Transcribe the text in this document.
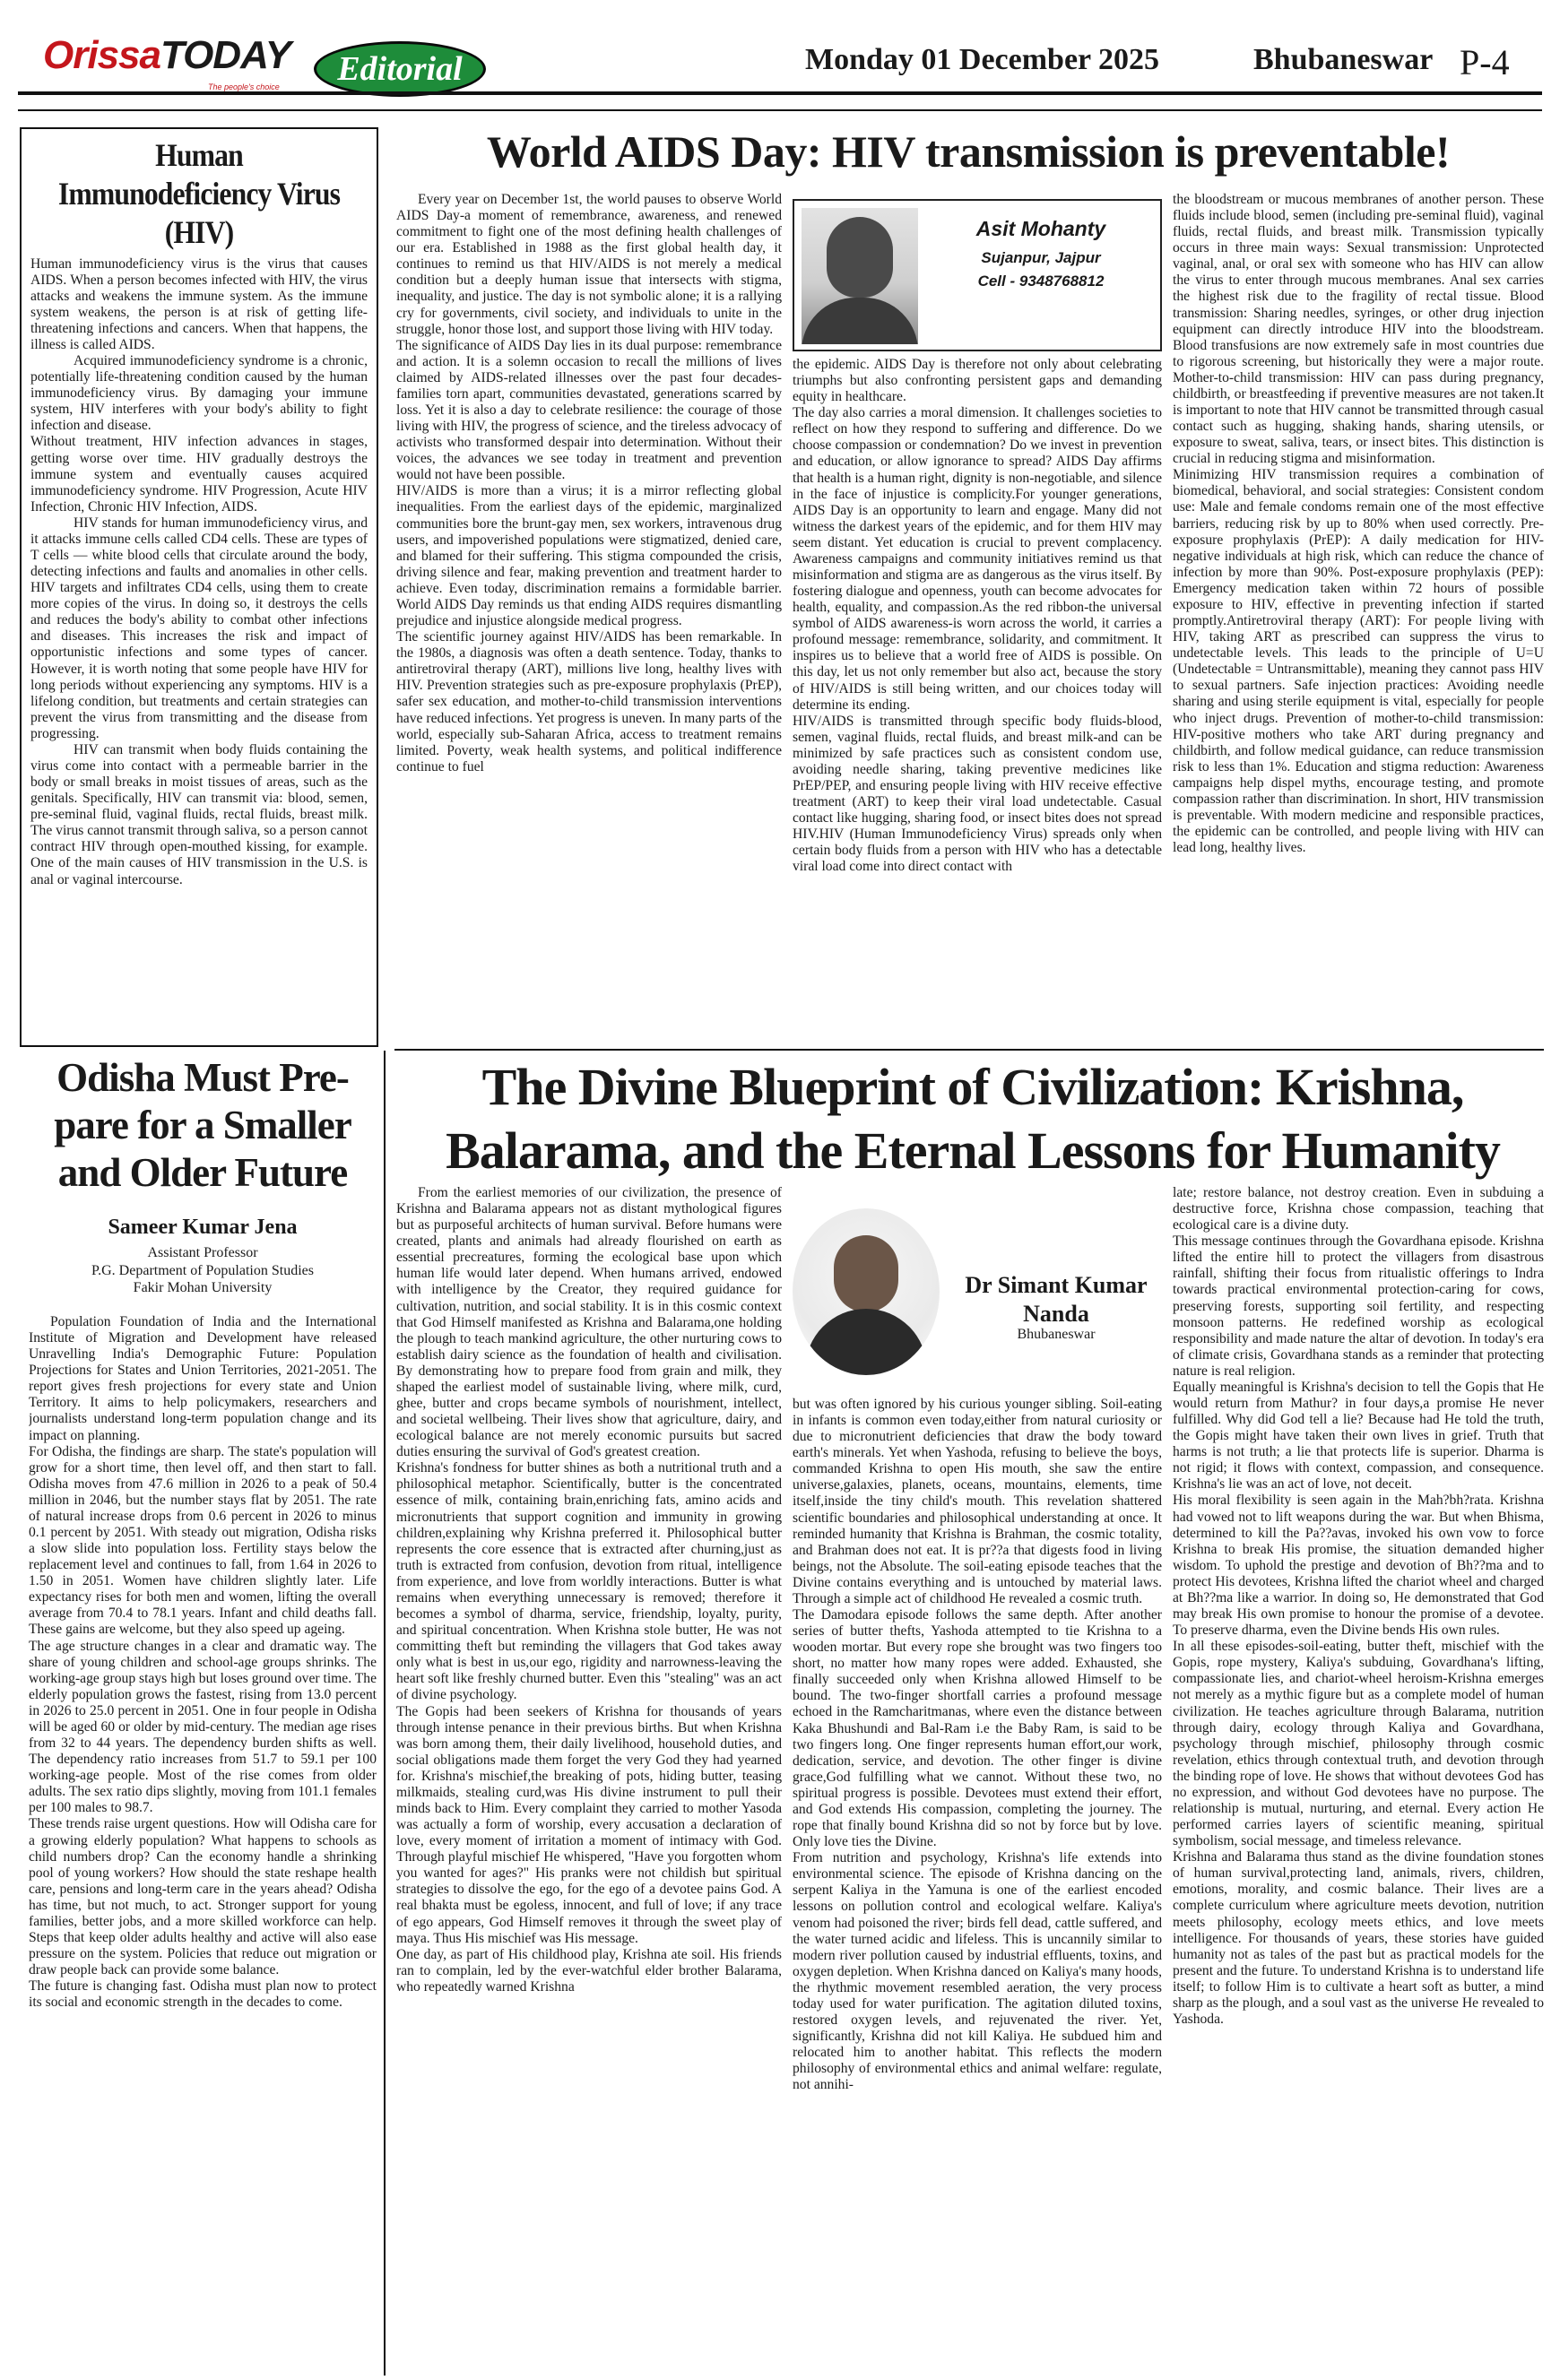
OrissaTODAY
The people's choice	Editorial	Monday 01 December 2025	Bhubaneswar P-4
Human Immunodeficiency Virus (HIV)

Human immunodeficiency virus is the virus that causes AIDS. When a person becomes infected with HIV, the virus attacks and weakens the immune system. As the immune system weakens, the person is at risk of getting life-threatening infections and cancers. When that happens, the illness is called AIDS.

Acquired immunodeficiency syndrome is a chronic, potentially life-threatening condition caused by the human immunodeficiency virus. By damaging your immune system, HIV interferes with your body's ability to fight infection and disease.

Without treatment, HIV infection advances in stages, getting worse over time. HIV gradually destroys the immune system and eventually causes acquired immunodeficiency syndrome. HIV Progression, Acute HIV Infection, Chronic HIV Infection, AIDS.

HIV stands for human immunodeficiency virus, and it attacks immune cells called CD4 cells. These are types of T cells — white blood cells that circulate around the body, detecting infections and faults and anomalies in other cells. HIV targets and infiltrates CD4 cells, using them to create more copies of the virus. In doing so, it destroys the cells and reduces the body's ability to combat other infections and diseases. This increases the risk and impact of opportunistic infections and some types of cancer. However, it is worth noting that some people have HIV for long periods without experiencing any symptoms. HIV is a lifelong condition, but treatments and certain strategies can prevent the virus from transmitting and the disease from progressing.

HIV can transmit when body fluids containing the virus come into contact with a permeable barrier in the body or small breaks in moist tissues of areas, such as the genitals. Specifically, HIV can transmit via: blood, semen, pre-seminal fluid, vaginal fluids, rectal fluids, breast milk. The virus cannot transmit through saliva, so a person cannot contract HIV through open-mouthed kissing, for example. One of the main causes of HIV transmission in the U.S. is anal or vaginal intercourse.

World AIDS Day: HIV transmission is preventable!

Every year on December 1st, the world pauses to observe World AIDS Day-a moment of remembrance, awareness, and renewed commitment to fight one of the most defining health challenges of our era. Established in 1988 as the first global health day, it continues to remind us that HIV/AIDS is not merely a medical condition but a deeply human issue that intersects with stigma, inequality, and justice. The day is not symbolic alone; it is a rallying cry for governments, civil society, and individuals to unite in the struggle, honor those lost, and support those living with HIV today.

The significance of AIDS Day lies in its dual purpose: remembrance and action. It is a solemn occasion to recall the millions of lives claimed by AIDS-related illnesses over the past four decades-families torn apart, communities devastated, generations scarred by loss. Yet it is also a day to celebrate resilience: the courage of those living with HIV, the progress of science, and the tireless advocacy of activists who transformed despair into determination. Without their voices, the advances we see today in treatment and prevention would not have been possible.

HIV/AIDS is more than a virus; it is a mirror reflecting global inequalities. From the earliest days of the epidemic, marginalized communities bore the brunt-gay men, sex workers, intravenous drug users, and impoverished populations were stigmatized, denied care, and blamed for their suffering. This stigma compounded the crisis, driving silence and fear, making prevention and treatment harder to achieve. Even today, discrimination remains a formidable barrier. World AIDS Day reminds us that ending AIDS requires dismantling prejudice and injustice alongside medical progress.

The scientific journey against HIV/AIDS has been remarkable. In the 1980s, a diagnosis was often a death sentence. Today, thanks to antiretroviral therapy (ART), millions live long, healthy lives with HIV. Prevention strategies such as pre-exposure prophylaxis (PrEP), safer sex education, and mother-to-child transmission interventions have reduced infections. Yet progress is uneven. In many parts of the world, especially sub-Saharan Africa, access to treatment remains limited. Poverty, weak health systems, and political indifference continue to fuel

Asit Mohanty
Sujanpur, Jajpur
Cell - 9348768812

the epidemic. AIDS Day is therefore not only about celebrating triumphs but also confronting persistent gaps and demanding equity in healthcare.

The day also carries a moral dimension. It challenges societies to reflect on how they respond to suffering and difference. Do we choose compassion or condemnation? Do we invest in prevention and education, or allow ignorance to spread? AIDS Day affirms that health is a human right, dignity is non-negotiable, and silence in the face of injustice is complicity.For younger generations, AIDS Day is an opportunity to learn and engage. Many did not witness the darkest years of the epidemic, and for them HIV may seem distant. Yet education is crucial to prevent complacency. Awareness campaigns and community initiatives remind us that misinformation and stigma are as dangerous as the virus itself. By fostering dialogue and openness, youth can become advocates for health, equality, and compassion.As the red ribbon-the universal symbol of AIDS awareness-is worn across the world, it carries a profound message: remembrance, solidarity, and commitment. It inspires us to believe that a world free of AIDS is possible. On this day, let us not only remember but also act, because the story of HIV/AIDS is still being written, and our choices today will determine its ending.

HIV/AIDS is transmitted through specific body fluids-blood, semen, vaginal fluids, rectal fluids, and breast milk-and can be minimized by safe practices such as consistent condom use, avoiding needle sharing, taking preventive medicines like PrEP/PEP, and ensuring people living with HIV receive effective treatment (ART) to keep their viral load undetectable. Casual contact like hugging, sharing food, or insect bites does not spread HIV.HIV (Human Immunodeficiency Virus) spreads only when certain body fluids from a person with HIV who has a detectable viral load come into direct contact with

the bloodstream or mucous membranes of another person. These fluids include blood, semen (including pre-seminal fluid), vaginal fluids, rectal fluids, and breast milk. Transmission typically occurs in three main ways: Sexual transmission: Unprotected vaginal, anal, or oral sex with someone who has HIV can allow the virus to enter through mucous membranes. Anal sex carries the highest risk due to the fragility of rectal tissue. Blood transmission: Sharing needles, syringes, or other drug injection equipment can directly introduce HIV into the bloodstream. Blood transfusions are now extremely safe in most countries due to rigorous screening, but historically they were a major route. Mother-to-child transmission: HIV can pass during pregnancy, childbirth, or breastfeeding if preventive measures are not taken.It is important to note that HIV cannot be transmitted through casual contact such as hugging, shaking hands, sharing utensils, or exposure to sweat, saliva, tears, or insect bites. This distinction is crucial in reducing stigma and misinformation.

Minimizing HIV transmission requires a combination of biomedical, behavioral, and social strategies: Consistent condom use: Male and female condoms remain one of the most effective barriers, reducing risk by up to 80% when used correctly. Pre-exposure prophylaxis (PrEP): A daily medication for HIV-negative individuals at high risk, which can reduce the chance of infection by more than 90%. Post-exposure prophylaxis (PEP): Emergency medication taken within 72 hours of possible exposure to HIV, effective in preventing infection if started promptly.Antiretroviral therapy (ART): For people living with HIV, taking ART as prescribed can suppress the virus to undetectable levels. This leads to the principle of U=U (Undetectable = Untransmittable), meaning they cannot pass HIV to sexual partners. Safe injection practices: Avoiding needle sharing and using sterile equipment is vital, especially for people who inject drugs. Prevention of mother-to-child transmission: HIV-positive mothers who take ART during pregnancy and childbirth, and follow medical guidance, can reduce transmission risk to less than 1%. Education and stigma reduction: Awareness campaigns help dispel myths, encourage testing, and promote compassion rather than discrimination. In short, HIV transmission is preventable. With modern medicine and responsible practices, the epidemic can be controlled, and people living with HIV can lead long, healthy lives.

Odisha Must Pre-
pare for a Smaller
and Older Future
Sameer Kumar Jena
Assistant Professor
P.G. Department of Population Studies
Fakir Mohan University

Population Foundation of India and the International Institute of Migration and Development have released Unravelling India's Demographic Future: Population Projections for States and Union Territories, 2021-2051. The report gives fresh projections for every state and Union Territory. It aims to help policymakers, researchers and journalists understand long-term population change and its impact on planning.

For Odisha, the findings are sharp. The state's population will grow for a short time, then level off, and then start to fall. Odisha moves from 47.6 million in 2026 to a peak of 50.4 million in 2046, but the number stays flat by 2051. The rate of natural increase drops from 0.6 percent in 2026 to minus 0.1 percent by 2051. With steady out migration, Odisha risks a slow slide into population loss. Fertility stays below the replacement level and continues to fall, from 1.64 in 2026 to 1.50 in 2051. Women have children slightly later. Life expectancy rises for both men and women, lifting the overall average from 70.4 to 78.1 years. Infant and child deaths fall. These gains are welcome, but they also speed up ageing.

The age structure changes in a clear and dramatic way. The share of young children and school-age groups shrinks. The working-age group stays high but loses ground over time. The elderly population grows the fastest, rising from 13.0 percent in 2026 to 25.0 percent in 2051. One in four people in Odisha will be aged 60 or older by mid-century. The median age rises from 32 to 44 years. The dependency burden shifts as well. The dependency ratio increases from 51.7 to 59.1 per 100 working-age people. Most of the rise comes from older adults. The sex ratio dips slightly, moving from 101.1 females per 100 males to 98.7.

These trends raise urgent questions. How will Odisha care for a growing elderly population? What happens to schools as child numbers drop? Can the economy handle a shrinking pool of young workers? How should the state reshape health care, pensions and long-term care in the years ahead? Odisha has time, but not much, to act. Stronger support for young families, better jobs, and a more skilled workforce can help. Steps that keep older adults healthy and active will also ease pressure on the system. Policies that reduce out migration or draw people back can provide some balance.

The future is changing fast. Odisha must plan now to protect its social and economic strength in the decades to come.

The Divine Blueprint of Civilization: Krishna,
Balarama, and the Eternal Lessons for Humanity

From the earliest memories of our civilization, the presence of Krishna and Balarama appears not as distant mythological figures but as purposeful architects of human survival. Before humans were created, plants and animals had already flourished on earth as essential precreatures, forming the ecological base upon which human life would later depend. When humans arrived, endowed with intelligence by the Creator, they required guidance for cultivation, nutrition, and social stability. It is in this cosmic context that God Himself manifested as Krishna and Balarama,one holding the plough to teach mankind agriculture, the other nurturing cows to establish dairy science as the foundation of health and civilisation. By demonstrating how to prepare food from grain and milk, they shaped the earliest model of sustainable living, where milk, curd, ghee, butter and crops became symbols of nourishment, intellect, and societal wellbeing. Their lives show that agriculture, dairy, and ecological balance are not merely economic pursuits but sacred duties ensuring the survival of God's greatest creation.

Krishna's fondness for butter shines as both a nutritional truth and a philosophical metaphor. Scientifically, butter is the concentrated essence of milk, containing brain,enriching fats, amino acids and micronutrients that support cognition and immunity in growing children,explaining why Krishna preferred it. Philosophical butter represents the core essence that is extracted after churning,just as truth is extracted from confusion, devotion from ritual, intelligence from experience, and love from worldly interactions. Butter is what remains when everything unnecessary is removed; therefore it becomes a symbol of dharma, service, friendship, loyalty, purity, and spiritual concentration. When Krishna stole butter, He was not committing theft but reminding the villagers that God takes away only what is best in us,our ego, rigidity and narrowness-leaving the heart soft like freshly churned butter. Even this "stealing" was an act of divine psychology.

The Gopis had been seekers of Krishna for thousands of years through intense penance in their previous births. But when Krishna was born among them, their daily livelihood, household duties, and social obligations made them forget the very God they had yearned for. Krishna's mischief,the breaking of pots, hiding butter, teasing milkmaids, stealing curd,was His divine instrument to pull their minds back to Him. Every complaint they carried to mother Yasoda was actually a form of worship, every accusation a declaration of love, every moment of irritation a moment of intimacy with God. Through playful mischief He whispered, "Have you forgotten whom you wanted for ages?" His pranks were not childish but spiritual strategies to dissolve the ego, for the ego of a devotee pains God. A real bhakta must be egoless, innocent, and full of love; if any trace of ego appears, God Himself removes it through the sweet play of maya. Thus His mischief was His message.

One day, as part of His childhood play, Krishna ate soil. His friends ran to complain, led by the ever-watchful elder brother Balarama, who repeatedly warned Krishna

Dr Simant Kumar
Nanda
Bhubaneswar

but was often ignored by his curious younger sibling. Soil-eating in infants is common even today,either from natural curiosity or due to micronutrient deficiencies that draw the body toward earth's minerals. Yet when Yashoda, refusing to believe the boys, commanded Krishna to open His mouth, she saw the entire universe,galaxies, planets, oceans, mountains, elements, time itself,inside the tiny child's mouth. This revelation shattered scientific boundaries and philosophical understanding at once. It reminded humanity that Krishna is Brahman, the cosmic totality, and Brahman does not eat. It is pr??a that digests food in living beings, not the Absolute. The soil-eating episode teaches that the Divine contains everything and is untouched by material laws. Through a simple act of childhood He revealed a cosmic truth.

The Damodara episode follows the same depth. After another series of butter thefts, Yashoda attempted to tie Krishna to a wooden mortar. But every rope she brought was two fingers too short, no matter how many ropes were added. Exhausted, she finally succeeded only when Krishna allowed Himself to be bound. The two-finger shortfall carries a profound message echoed in the Ramcharitmanas, where even the distance between Kaka Bhushundi and Bal-Ram i.e the Baby Ram, is said to be two fingers long. One finger represents human effort,our work, dedication, service, and devotion. The other finger is divine grace,God fulfilling what we cannot. Without these two, no spiritual progress is possible. Devotees must extend their effort, and God extends His compassion, completing the journey. The rope that finally bound Krishna did so not by force but by love. Only love ties the Divine.

From nutrition and psychology, Krishna's life extends into environmental science. The episode of Krishna dancing on the serpent Kaliya in the Yamuna is one of the earliest encoded lessons on pollution control and ecological welfare. Kaliya's venom had poisoned the river; birds fell dead, cattle suffered, and the water turned acidic and lifeless. This is uncannily similar to modern river pollution caused by industrial effluents, toxins, and oxygen depletion. When Krishna danced on Kaliya's many hoods, the rhythmic movement resembled aeration, the very process today used for water purification. The agitation diluted toxins, restored oxygen levels, and rejuvenated the river. Yet, significantly, Krishna did not kill Kaliya. He subdued him and relocated him to another habitat. This reflects the modern philosophy of environmental ethics and animal welfare: regulate, not annihi-

late; restore balance, not destroy creation. Even in subduing a destructive force, Krishna chose compassion, teaching that ecological care is a divine duty.

This message continues through the Govardhana episode. Krishna lifted the entire hill to protect the villagers from disastrous rainfall, shifting their focus from ritualistic offerings to Indra towards practical environmental protection-caring for cows, preserving forests, supporting soil fertility, and respecting monsoon patterns. He redefined worship as ecological responsibility and made nature the altar of devotion. In today's era of climate crisis, Govardhana stands as a reminder that protecting nature is real religion.

Equally meaningful is Krishna's decision to tell the Gopis that He would return from Mathur? in four days,a promise He never fulfilled. Why did God tell a lie? Because had He told the truth, the Gopis might have taken their own lives in grief. Truth that harms is not truth; a lie that protects life is superior. Dharma is not rigid; it flows with context, compassion, and consequence. Krishna's lie was an act of love, not deceit.

His moral flexibility is seen again in the Mah?bh?rata. Krishna had vowed not to lift weapons during the war. But when Bhisma, determined to kill the Pa??avas, invoked his own vow to force Krishna to break His promise, the situation demanded higher wisdom. To uphold the prestige and devotion of Bh??ma and to protect His devotees, Krishna lifted the chariot wheel and charged at Bh??ma like a warrior. In doing so, He demonstrated that God may break His own promise to honour the promise of a devotee. To preserve dharma, even the Divine bends His own rules.

In all these episodes-soil-eating, butter theft, mischief with the Gopis, rope mystery, Kaliya's subduing, Govardhana's lifting, compassionate lies, and chariot-wheel heroism-Krishna emerges not merely as a mythic figure but as a complete model of human civilization. He teaches agriculture through Balarama, nutrition through dairy, ecology through Kaliya and Govardhana, psychology through mischief, philosophy through cosmic revelation, ethics through contextual truth, and devotion through the binding rope of love. He shows that without devotees God has no expression, and without God devotees have no purpose. The relationship is mutual, nurturing, and eternal. Every action He performed carries layers of scientific meaning, spiritual symbolism, social message, and timeless relevance.

Krishna and Balarama thus stand as the divine foundation stones of human survival,protecting land, animals, rivers, children, emotions, morality, and cosmic balance. Their lives are a complete curriculum where agriculture meets devotion, nutrition meets philosophy, ecology meets ethics, and love meets intelligence. For thousands of years, these stories have guided humanity not as tales of the past but as practical models for the present and the future. To understand Krishna is to understand life itself; to follow Him is to cultivate a heart soft as butter, a mind sharp as the plough, and a soul vast as the universe He revealed to Yashoda.
